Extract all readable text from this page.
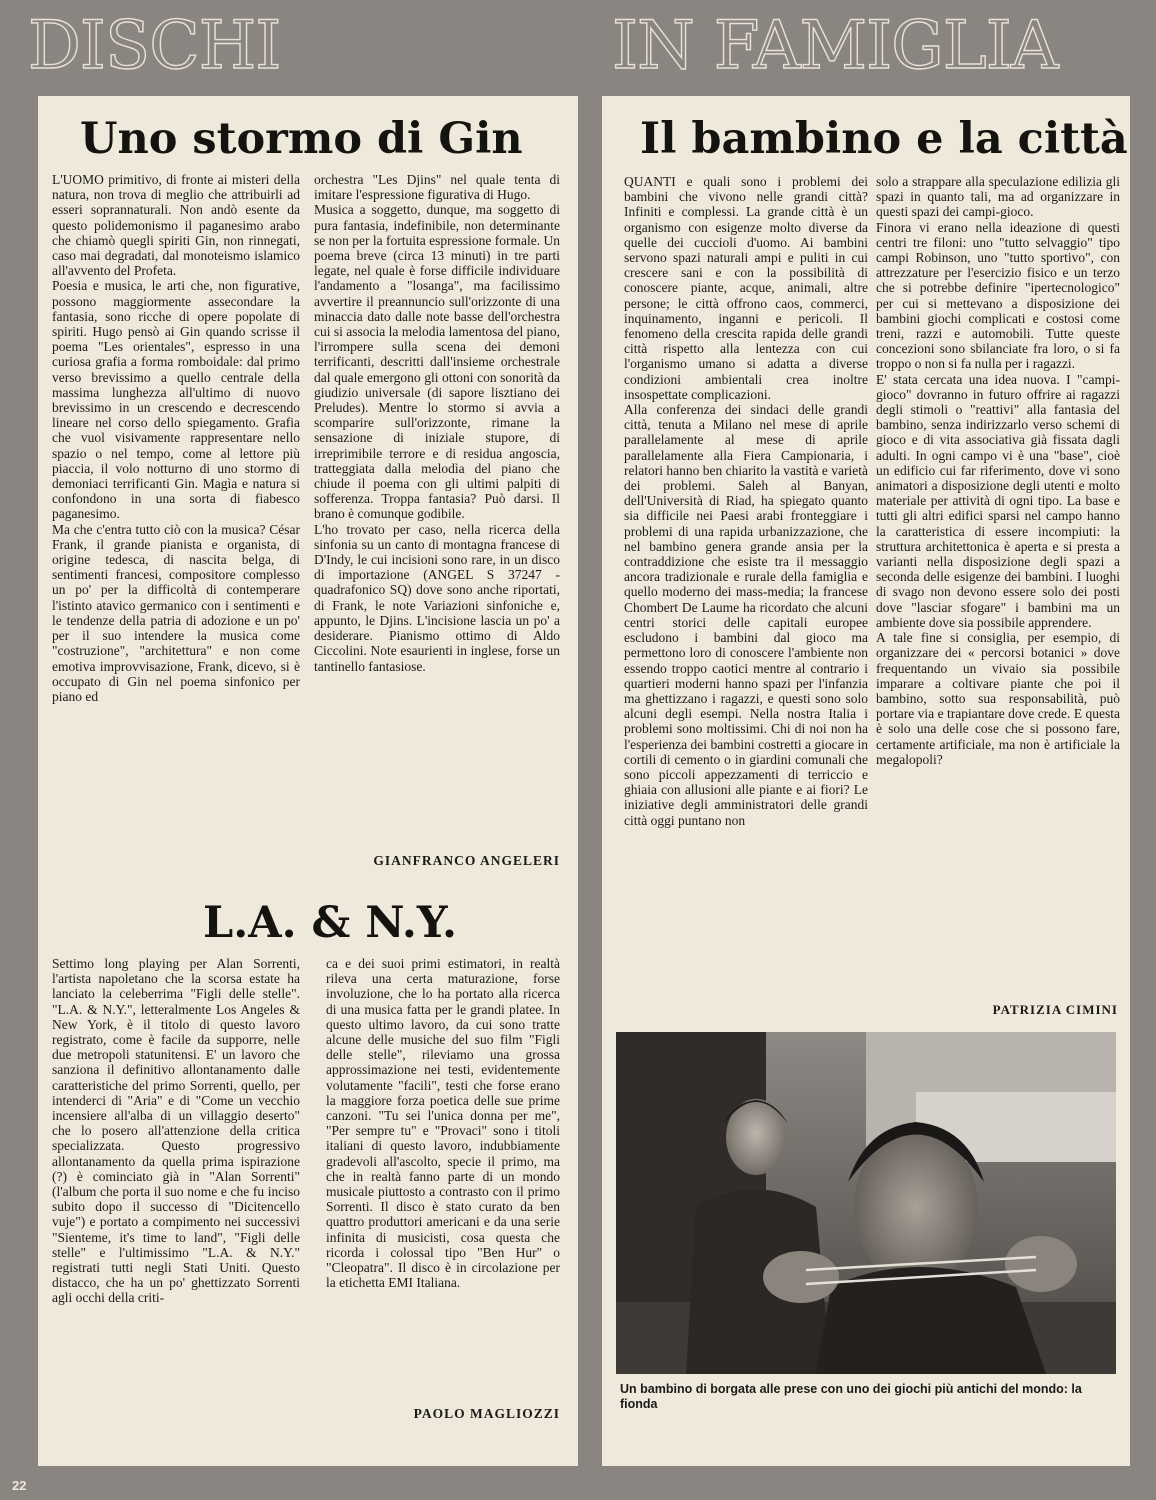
DISCHI	IN FAMIGLIA
Uno stormo di Gin

L'UOMO primitivo, di fronte ai misteri della natura, non trova di meglio che attribuirli ad esseri soprannaturali. Non andò esente da questo polidemonismo il paganesimo arabo che chiamò quegli spiriti Gin, non rinnegati, caso mai degradati, dal monoteismo islamico all'avvento del Profeta.

Poesia e musica, le arti che, non figurative, possono maggiormente assecondare la fantasia, sono ricche di opere popolate di spiriti. Hugo pensò ai Gin quando scrisse il poema "Les orientales", espresso in una curiosa grafia a forma romboidale: dal primo verso brevissimo a quello centrale della massima lunghezza all'ultimo di nuovo brevissimo in un crescendo e decrescendo lineare nel corso dello spiegamento. Grafia che vuol visivamente rappresentare nello spazio o nel tempo, come al lettore più piaccia, il volo notturno di uno stormo di demoniaci terrificanti Gin. Magìa e natura si confondono in una sorta di fiabesco paganesimo.

Ma che c'entra tutto ciò con la musica? César Frank, il grande pianista e organista, di origine tedesca, di nascita belga, di sentimenti francesi, compositore complesso un po' per la difficoltà di contemperare l'istinto atavico germanico con i sentimenti e le tendenze della patria di adozione e un po' per il suo intendere la musica come "costruzione", "architettura" e non come emotiva improvvisazione, Frank, dicevo, si è occupato di Gin nel poema sinfonico per piano ed

orchestra "Les Djins" nel quale tenta di imitare l'espressione figurativa di Hugo.

Musica a soggetto, dunque, ma soggetto di pura fantasia, indefinibile, non determinante se non per la fortuita espressione formale. Un poema breve (circa 13 minuti) in tre parti legate, nel quale è forse difficile individuare l'andamento a "losanga", ma facilissimo avvertire il preannuncio sull'orizzonte di una minaccia dato dalle note basse dell'orchestra cui si associa la melodia lamentosa del piano, l'irrompere sulla scena dei demoni terrificanti, descritti dall'insieme orchestrale dal quale emergono gli ottoni con sonorità da giudizio universale (di sapore lisztiano dei Preludes). Mentre lo stormo si avvia a scomparire sull'orizzonte, rimane la sensazione di iniziale stupore, di irreprimibile terrore e di residua angoscia, tratteggiata dalla melodìa del piano che chiude il poema con gli ultimi palpiti di sofferenza. Troppa fantasia? Può darsi. Il brano è comunque godibile.

L'ho trovato per caso, nella ricerca della sinfonia su un canto di montagna francese di D'Indy, le cui incisioni sono rare, in un disco di importazione (ANGEL S 37247 - quadrafonico SQ) dove sono anche riportati, di Frank, le note Variazioni sinfoniche e, appunto, le Djins. L'incisione lascia un po' a desiderare. Pianismo ottimo di Aldo Ciccolini. Note esaurienti in inglese, forse un tantinello fantasiose.

GIANFRANCO ANGELERI
L.A. & N.Y.

Settimo long playing per Alan Sorrenti, l'artista napoletano che la scorsa estate ha lanciato la celeberrima "Figli delle stelle". "L.A. & N.Y.", letteralmente Los Angeles & New York, è il titolo di questo lavoro registrato, come è facile da supporre, nelle due metropoli statunitensi. E' un lavoro che sanziona il definitivo allontanamento dalle caratteristiche del primo Sorrenti, quello, per intenderci di "Aria" e di "Come un vecchio incensiere all'alba di un villaggio deserto" che lo posero all'attenzione della critica specializzata. Questo progressivo allontanamento da quella prima ispirazione (?) è cominciato già in "Alan Sorrenti" (l'album che porta il suo nome e che fu inciso subito dopo il successo di "Dicitencello vuje") e portato a compimento nei successivi "Sienteme, it's time to land", "Figli delle stelle" e l'ultimissimo "L.A. & N.Y." registrati tutti negli Stati Uniti. Questo distacco, che ha un po' ghettizzato Sorrenti agli occhi della criti-

ca e dei suoi primi estimatori, in realtà rileva una certa maturazione, forse involuzione, che lo ha portato alla ricerca di una musica fatta per le grandi platee. In questo ultimo lavoro, da cui sono tratte alcune delle musiche del suo film "Figli delle stelle", rileviamo una grossa approssimazione nei testi, evidentemente volutamente "facili", testi che forse erano la maggiore forza poetica delle sue prime canzoni. "Tu sei l'unica donna per me", "Per sempre tu" e "Provaci" sono i titoli italiani di questo lavoro, indubbiamente gradevoli all'ascolto, specie il primo, ma che in realtà fanno parte di un mondo musicale piuttosto a contrasto con il primo Sorrenti. Il disco è stato curato da ben quattro produttori americani e da una serie infinita di musicisti, cosa questa che ricorda i colossal tipo "Ben Hur" o "Cleopatra". Il disco è in circolazione per la etichetta EMI Italiana.

PAOLO MAGLIOZZI
Il bambino e la città

QUANTI e quali sono i problemi dei bambini che vivono nelle grandi città? Infiniti e complessi. La grande città è un organismo con esigenze molto diverse da quelle dei cuccioli d'uomo. Ai bambini servono spazi naturali ampi e puliti in cui crescere sani e con la possibilità di conoscere piante, acque, animali, altre persone; le città offrono caos, commerci, inquinamento, inganni e pericoli. Il fenomeno della crescita rapida delle grandi città rispetto alla lentezza con cui l'organismo umano si adatta a diverse condizioni ambientali crea inoltre insospettate complicazioni.

Alla conferenza dei sindaci delle grandi città, tenuta a Milano nel mese di aprile parallelamente al mese di aprile parallelamente alla Fiera Campionaria, i relatori hanno ben chiarito la vastità e varietà dei problemi. Saleh al Banyan, dell'Università di Riad, ha spiegato quanto sia difficile nei Paesi arabi fronteggiare i problemi di una rapida urbanizzazione, che nel bambino genera grande ansia per la contraddizione che esiste tra il messaggio ancora tradizionale e rurale della famiglia e quello moderno dei mass-media; la francese Chombert De Laume ha ricordato che alcuni centri storici delle capitali europee escludono i bambini dal gioco ma permettono loro di conoscere l'ambiente non essendo troppo caotici mentre al contrario i quartieri moderni hanno spazi per l'infanzia ma ghettizzano i ragazzi, e questi sono solo alcuni degli esempi. Nella nostra Italia i problemi sono moltissimi. Chi di noi non ha l'esperienza dei bambini costretti a giocare in cortili di cemento o in giardini comunali che sono piccoli appezzamenti di terriccio e ghiaia con allusioni alle piante e ai fiori? Le iniziative degli amministratori delle grandi città oggi puntano non

solo a strappare alla speculazione edilizia gli spazi in quanto tali, ma ad organizzare in questi spazi dei campi-gioco.

Finora vi erano nella ideazione di questi centri tre filoni: uno "tutto selvaggio" tipo campi Robinson, uno "tutto sportivo", con attrezzature per l'esercizio fisico e un terzo che si potrebbe definire "ipertecnologico" per cui si mettevano a disposizione dei bambini giochi complicati e costosi come treni, razzi e automobili. Tutte queste concezioni sono sbilanciate fra loro, o si fa troppo o non si fa nulla per i ragazzi.

E' stata cercata una idea nuova. I "campi-gioco" dovranno in futuro offrire ai ragazzi degli stimoli o "reattivi" alla fantasia del bambino, senza indirizzarlo verso schemi di gioco e di vita associativa già fissata dagli adulti. In ogni campo vi è una "base", cioè un edificio cui far riferimento, dove vi sono animatori a disposizione degli utenti e molto materiale per attività di ogni tipo. La base e tutti gli altri edifici sparsi nel campo hanno la caratteristica di essere incompiuti: la struttura architettonica è aperta e si presta a varianti nella disposizione degli spazi a seconda delle esigenze dei bambini. I luoghi di svago non devono essere solo dei posti dove "lasciar sfogare" i bambini ma un ambiente dove sia possibile apprendere.

A tale fine si consiglia, per esempio, di organizzare dei « percorsi botanici » dove frequentando un vivaio sia possibile imparare a coltivare piante che poi il bambino, sotto sua responsabilità, può portare via e trapiantare dove crede. E questa è solo una delle cose che si possono fare, certamente artificiale, ma non è artificiale la megalopoli?

PATRIZIA CIMINI
Un bambino di borgata alle prese con uno dei giochi più antichi del mondo: la fionda
22
